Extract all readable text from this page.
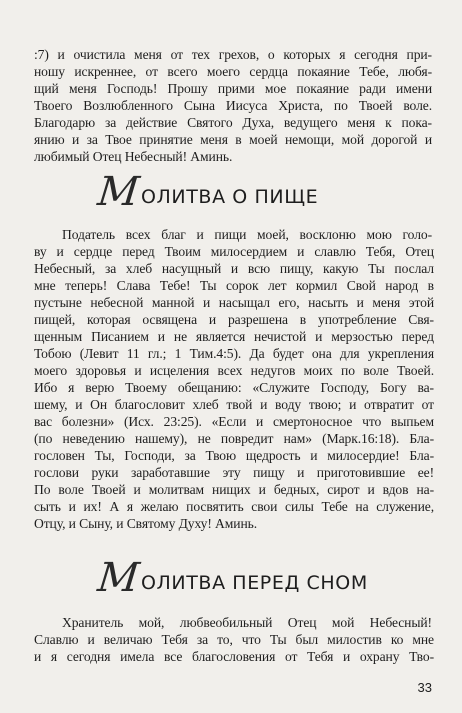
:7) и очистила меня от тех грехов, о которых я сегодня при-
ношу искреннее, от всего моего сердца покаяние Тебе, любя-
щий меня Господь! Прошу прими мое покаяние ради имени
Твоего Возлюбленного Сына Иисуса Христа, по Твоей воле.
Благодарю за действие Святого Духа, ведущего меня к пока-
янию и за Твое принятие меня в моей немощи, мой дорогой и
любимый Отец Небесный! Аминь.
М ОЛИТВА О ПИЩЕ
Податель всех благ и пищи моей, восклоню мою голо-
ву и сердце перед Твоим милосердием и славлю Тебя, Отец
Небесный, за хлеб насущный и всю пищу, какую Ты послал
мне теперь! Слава Тебе! Ты сорок лет кормил Свой народ в
пустыне небесной манной и насыщал его, насыть и меня этой
пищей, которая освящена и разрешена в употребление Свя-
щенным Писанием и не является нечистой и мерзостью перед
Тобою (Левит 11 гл.; 1 Тим.4:5). Да будет она для укрепления
моего здоровья и исцеления всех недугов моих по воле Твоей.
Ибо я верю Твоему обещанию: «Служите Господу, Богу ва-
шему, и Он благословит хлеб твой и воду твою; и отвратит от
вас болезни» (Исх. 23:25). «Если и смертоносное что выпьем
(по неведению нашему), не повредит нам» (Марк.16:18). Бла-
гословен Ты, Господи, за Твою щедрость и милосердие! Бла-
гослови руки заработавшие эту пищу и приготовившие ее!
По воле Твоей и молитвам нищих и бедных, сирот и вдов на-
сыть и их! А я желаю посвятить свои силы Тебе на служение,
Отцу, и Сыну, и Святому Духу! Аминь.
М ОЛИТВА ПЕРЕД СНОМ
Хранитель мой, любвеобильный Отец мой Небесный!
Славлю и величаю Тебя за то, что Ты был милостив ко мне
и я сегодня имела все благословения от Тебя и охрану Тво-
33
